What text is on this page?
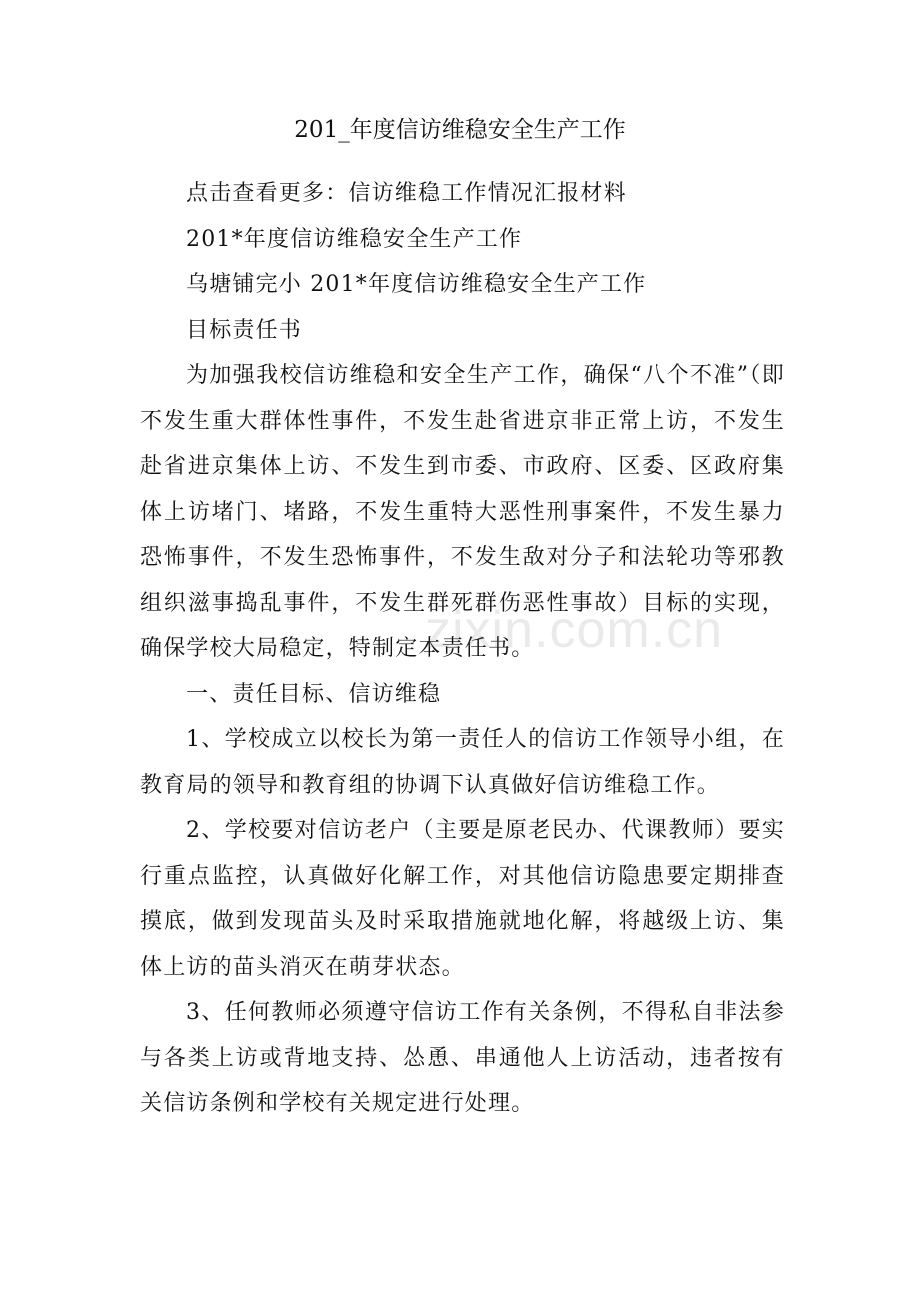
201_年度信访维稳安全生产工作

点击查看更多：信访维稳工作情况汇报材料

201*年度信访维稳安全生产工作

乌塘铺完小 201*年度信访维稳安全生产工作

目标责任书

为加强我校信访维稳和安全生产工作，确保“八个不准”（即不发生重大群体性事件，不发生赴省进京非正常上访，不发生赴省进京集体上访、不发生到市委、市政府、区委、区政府集体上访堵门、堵路，不发生重特大恶性刑事案件，不发生暴力恐怖事件，不发生恐怖事件，不发生敌对分子和法轮功等邪教组织滋事捣乱事件，不发生群死群伤恶性事故）目标的实现，确保学校大局稳定，特制定本责任书。

一、责任目标、信访维稳

1、学校成立以校长为第一责任人的信访工作领导小组，在教育局的领导和教育组的协调下认真做好信访维稳工作。

2、学校要对信访老户（主要是原老民办、代课教师）要实行重点监控，认真做好化解工作，对其他信访隐患要定期排查摸底，做到发现苗头及时采取措施就地化解，将越级上访、集体上访的苗头消灭在萌芽状态。

3、任何教师必须遵守信访工作有关条例，不得私自非法参与各类上访或背地支持、怂恿、串通他人上访活动，违者按有关信访条例和学校有关规定进行处理。

zixin.com.cn
